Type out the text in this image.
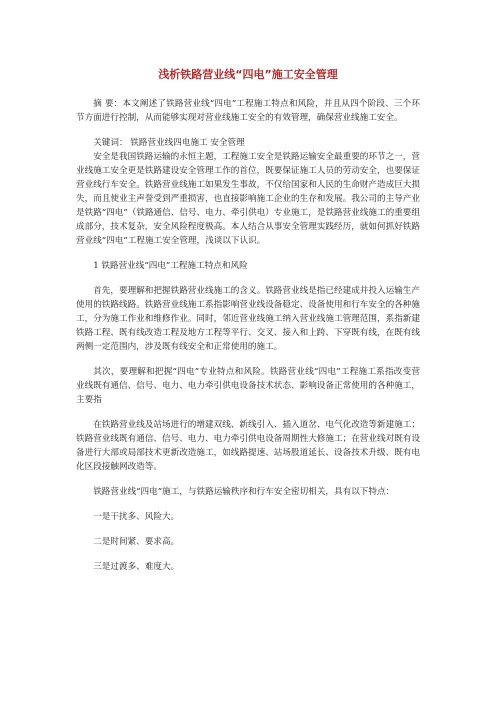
浅析铁路营业线“四电”施工安全管理

摘 要：本文阐述了铁路营业线“四电”工程施工特点和风险，并且从四个阶段、三个环节方面进行控制，从而能够实现对营业线施工安全的有效管理，确保营业线施工安全。

关键词： 铁路营业线四电施工 安全管理

安全是我国铁路运输的永恒主题，工程施工安全是铁路运输安全最重要的环节之一，营业线施工安全更是铁路建设安全管理工作的首位，既要保证施工人员的劳动安全，也要保证营业线行车安全。铁路营业线施工如果发生事故，不仅给国家和人民的生命财产造成巨大损失，而且使业主声誉受到严重损害，也直接影响施工企业的生存和发展。我公司的主导产业是铁路“四电”（铁路通信、信号、电力、牵引供电）专业施工，是铁路营业线施工的重要组成部分，技术复杂，安全风险程度极高。本人结合从事安全管理实践经历，就如何抓好铁路营业线“四电”工程施工安全管理，浅谈以下认识。

1 铁路营业线“四电”工程施工特点和风险

首先，要理解和把握铁路营业线施工的含义。铁路营业线是指已经建成并投入运输生产使用的铁路线路。铁路营业线施工系指影响营业线设备稳定、设备使用和行车安全的各种施工，分为施工作业和维修作业。同时，邻近营业线施工纳入营业线施工管理范围，系指新建铁路工程、既有线改造工程及地方工程等平行、交叉、接入和上跨、下穿既有线，在既有线两侧一定范围内，涉及既有线安全和正常使用的施工。

其次，要理解和把握“四电”专业特点和风险。铁路营业线“四电”工程施工系指改变营业线既有通信、信号、电力、电力牵引供电设备技术状态、影响设备正常使用的各种施工，主要指

在铁路营业线及站场进行的增建双线、新线引入、插入道岔、电气化改造等新建施工；铁路营业线既有通信、信号、电力、电力牵引供电设备周期性大修施工；在营业线对既有设备进行大部或局部技术更新改造施工，如线路提速、站场股道延长、设备技术升级、既有电化区段接触网改造等。

铁路营业线“四电”施工，与铁路运输秩序和行车安全密切相关，具有以下特点：

一是干扰多、风险大。

二是时间紧、要求高。

三是过渡多、难度大。
